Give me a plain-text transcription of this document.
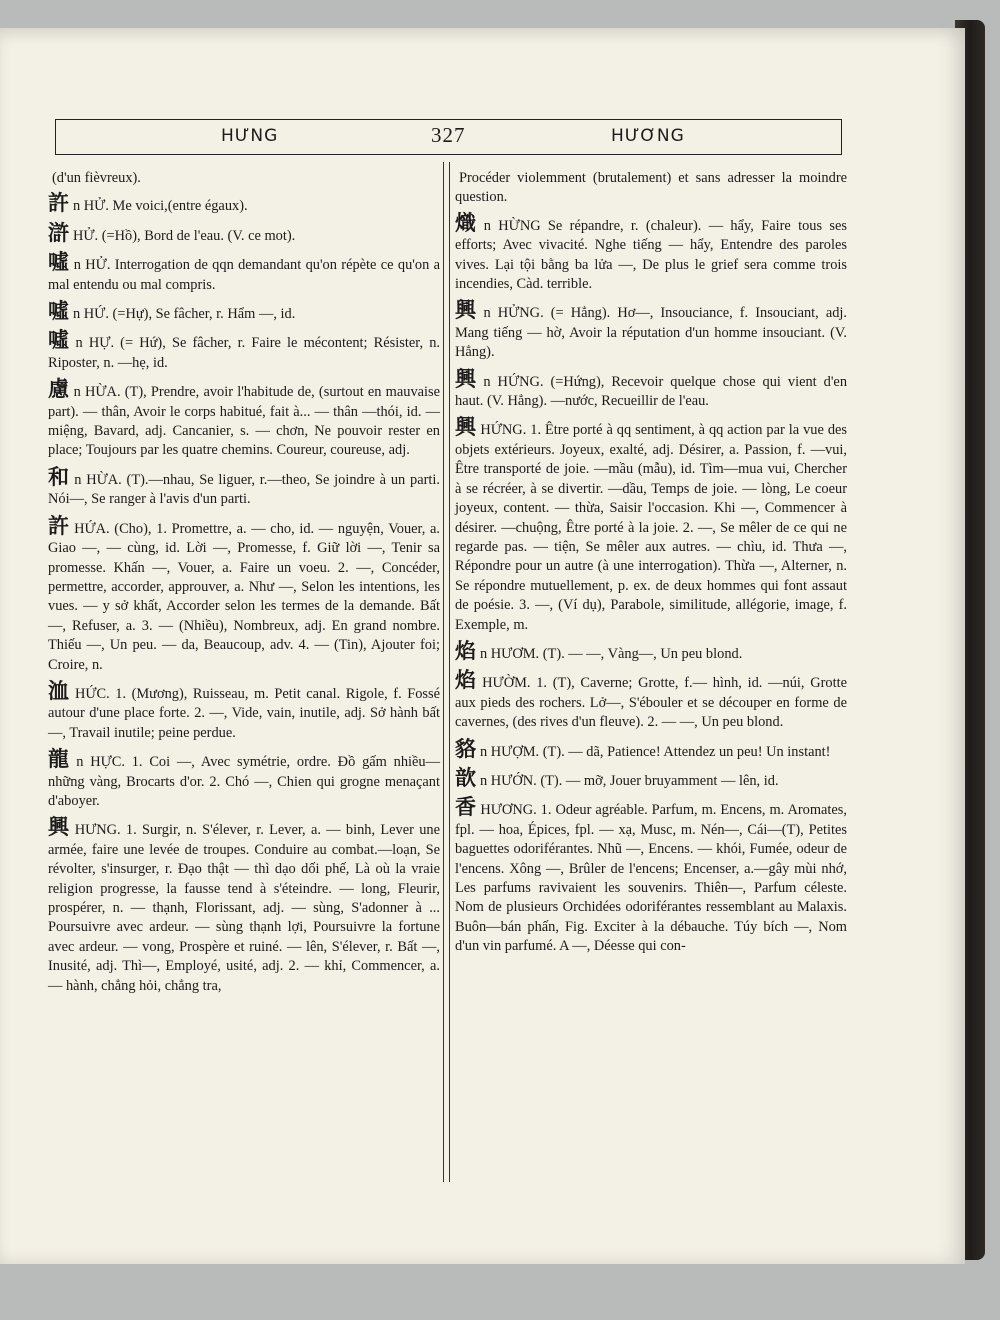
HƯNG	327	HƯƠNG

(d'un fièvreux).

許 n HỬ. Me voici,(entre égaux).

滸 HỬ. (=Hồ), Bord de l'eau. (V. ce mot).

噓 n HỬ. Interrogation de qqn demandant qu'on répète ce qu'on a mal entendu ou mal compris.

噓 n HỨ. (=Hự), Se fâcher, r. Hẩm —, id.

噓 n HỰ. (= Hứ), Se fâcher, r. Faire le mécontent; Résister, n. Riposter, n. —hẹ, id.

慮 n HỪA. (T), Prendre, avoir l'habitude de, (surtout en mauvaise part). — thân, Avoir le corps habitué, fait à... — thân —thói, id. — miệng, Bavard, adj. Cancanier, s. — chơn, Ne pouvoir rester en place; Toujours par les quatre chemins. Coureur, coureuse, adj.

和 n HỪA. (T).—nhau, Se liguer, r.—theo, Se joindre à un parti. Nói—, Se ranger à l'avis d'un parti.

許 HỨA. (Cho), 1. Promettre, a. — cho, id. — nguyện, Vouer, a. Giao —, — cùng, id. Lời —, Promesse, f. Giữ lời —, Tenir sa promesse. Khấn —, Vouer, a. Faire un voeu. 2. —, Concéder, permettre, accorder, approuver, a. Như —, Selon les intentions, les vues. — y sở khất, Accorder selon les termes de la demande. Bất —, Refuser, a. 3. — (Nhiều), Nombreux, adj. En grand nombre. Thiếu —, Un peu. — da, Beaucoup, adv. 4. — (Tin), Ajouter foi; Croire, n.

洫 HỨC. 1. (Mương), Ruisseau, m. Petit canal. Rigole, f. Fossé autour d'une place forte. 2. —, Vide, vain, inutile, adj. Sở hành bất —, Travail inutile; peine perdue.

龍 n HỰC. 1. Coi —, Avec symétrie, ordre. Đồ gấm nhiều—những vàng, Brocarts d'or. 2. Chó —, Chien qui grogne menaçant d'aboyer.

興 HƯNG. 1. Surgir, n. S'élever, r. Lever, a. — binh, Lever une armée, faire une levée de troupes. Conduire au combat.—loạn, Se révolter, s'insurger, r. Đạo thật — thì dạo dối phế, Là où la vraie religion progresse, la fausse tend à s'éteindre. — long, Fleurir, prospérer, n. — thạnh, Florissant, adj. — sùng, S'adonner à ... Poursuivre avec ardeur. — sùng thạnh lợi, Poursuivre la fortune avec ardeur. — vong, Prospère et ruiné. — lên, S'élever, r. Bất —, Inusité, adj. Thì—, Employé, usité, adj. 2. — khỉ, Commencer, a. — hành, chẳng hỏi, chẳng tra,

Procéder violemment (brutalement) et sans adresser la moindre question.

熾 n HỪNG Se répandre, r. (chaleur). — hẩy, Faire tous ses efforts; Avec vivacité. Nghe tiếng — hẩy, Entendre des paroles vives. Lại tội bằng ba lửa —, De plus le grief sera comme trois incendies, Càd. terrible.

興 n HỬNG. (= Hẳng). Hơ—, Insouciance, f. Insouciant, adj. Mang tiếng — hờ, Avoir la réputation d'un homme insouciant. (V. Hẳng).

興 n HỨNG. (=Hứng), Recevoir quelque chose qui vient d'en haut. (V. Hẳng). —nước, Recueillir de l'eau.

興 HỨNG. 1. Être porté à qq sentiment, à qq action par la vue des objets extérieurs. Joyeux, exalté, adj. Désirer, a. Passion, f. —vui, Être transporté de joie. —mầu (mẫu), id. Tìm—mua vui, Chercher à se récréer, à se divertir. —dầu, Temps de joie. — lòng, Le coeur joyeux, content. — thừa, Saisir l'occasion. Khi —, Commencer à désirer. —chuộng, Être porté à la joie. 2. —, Se mêler de ce qui ne regarde pas. — tiện, Se mêler aux autres. — chìu, id. Thưa —, Répondre pour un autre (à une interrogation). Thừa —, Alterner, n. Se répondre mutuellement, p. ex. de deux hommes qui font assaut de poésie. 3. —, (Ví dụ), Parabole, similitude, allégorie, image, f. Exemple, m.

焰 n HƯƠM. (T). — —, Vàng—, Un peu blond.

焰 HƯỜM. 1. (T), Caverne; Grotte, f.— hình, id. —núi, Grotte aux pieds des rochers. Lở—, S'ébouler et se découper en forme de cavernes, (des rives d'un fleuve). 2. — —, Un peu blond.

貉 n HƯỢM. (T). — dã, Patience! Attendez un peu! Un instant!

歆 n HƯỚN. (T). — mỡ, Jouer bruyamment — lên, id.

香 HƯƠNG. 1. Odeur agréable. Parfum, m. Encens, m. Aromates, fpl. — hoa, Épices, fpl. — xạ, Musc, m. Nén—, Cái—(T), Petites baguettes odoriférantes. Nhũ —, Encens. — khói, Fumée, odeur de l'encens. Xông —, Brûler de l'encens; Encenser, a.—gây mùi nhớ, Les parfums ravivaient les souvenirs. Thiên—, Parfum céleste. Nom de plusieurs Orchidées odoriférantes ressemblant au Malaxis. Buôn—bán phấn, Fig. Exciter à la débauche. Túy bích —, Nom d'un vin parfumé. A —, Déesse qui con-
